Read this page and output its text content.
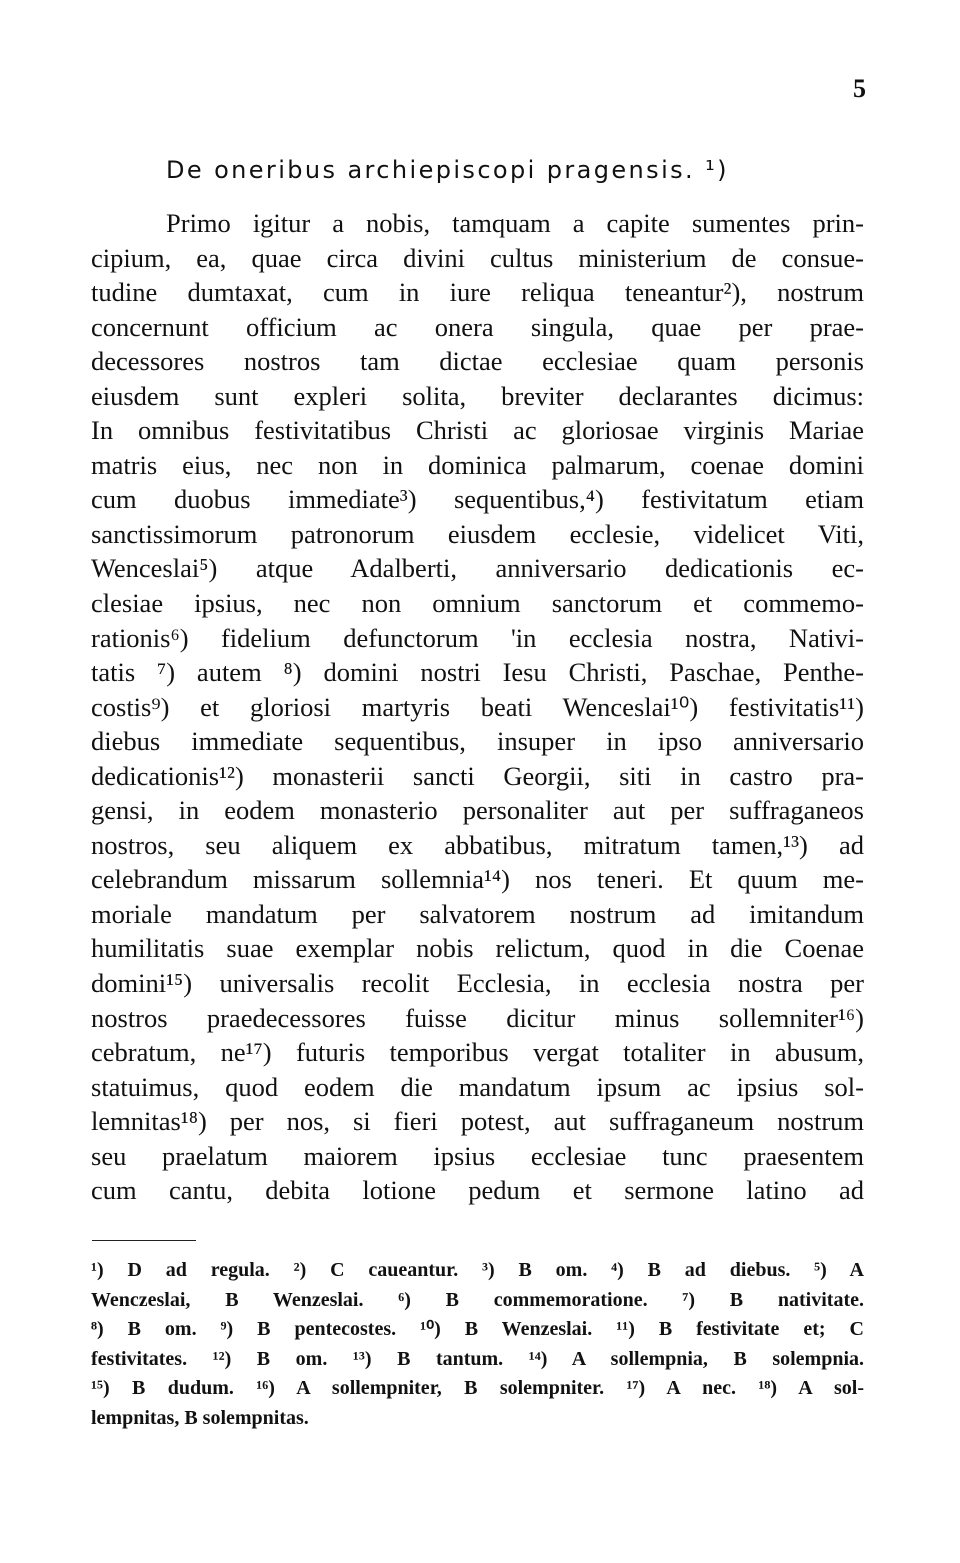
5
De oneribus archiepiscopi pragensis. ¹)
Primo igitur a nobis, tamquam a capite sumentes prin-
cipium, ea, quae circa divini cultus ministerium de consue-
tudine dumtaxat, cum in iure reliqua teneantur²), nostrum
concernunt officium ac onera singula, quae per prae-
decessores nostros tam dictae ecclesiae quam personis
eiusdem sunt expleri solita, breviter declarantes dicimus:
In omnibus festivitatibus Christi ac gloriosae virginis Mariae
matris eius, nec non in dominica palmarum, coenae domini
cum duobus immediate³) sequentibus,⁴) festivitatum etiam
sanctissimorum patronorum eiusdem ecclesie, videlicet Viti,
Wenceslai⁵) atque Adalberti, anniversario dedicationis ec-
clesiae ipsius, nec non omnium sanctorum et commemo-
rationis⁶) fidelium defunctorum 'in ecclesia nostra, Nativi-
tatis ⁷) autem ⁸) domini nostri Iesu Christi, Paschae, Penthe-
costis⁹) et gloriosi martyris beati Wenceslai¹⁰) festivitatis¹¹)
diebus immediate sequentibus, insuper in ipso anniversario
dedicationis¹²) monasterii sancti Georgii, siti in castro pra-
gensi, in eodem monasterio personaliter aut per suffraganeos
nostros, seu aliquem ex abbatibus, mitratum tamen,¹³) ad
celebrandum missarum sollemnia¹⁴) nos teneri. Et quum me-
moriale mandatum per salvatorem nostrum ad imitandum
humilitatis suae exemplar nobis relictum, quod in die Coenae
domini¹⁵) universalis recolit Ecclesia, in ecclesia nostra per
nostros praedecessores fuisse dicitur minus sollemniter¹⁶)
cebratum, ne¹⁷) futuris temporibus vergat totaliter in abusum,
statuimus, quod eodem die mandatum ipsum ac ipsius sol-
lemnitas¹⁸) per nos, si fieri potest, aut suffraganeum nostrum
seu praelatum maiorem ipsius ecclesiae tunc praesentem
cum cantu, debita lotione pedum et sermone latino ad
¹) D ad regula. ²) C caueantur. ³) B om. ⁴) B ad diebus. ⁵) A
Wenczeslai, B Wenzeslai. ⁶) B commemoratione. ⁷) B nativitate.
⁸) B om. ⁹) B pentecostes. ¹⁰) B Wenzeslai. ¹¹) B festivitate et; C
festivitates. ¹²) B om. ¹³) B tantum. ¹⁴) A sollempnia, B solempnia.
¹⁵) B dudum. ¹⁶) A sollempniter, B solempniter. ¹⁷) A nec. ¹⁸) A sol-
lempnitas, B solempnitas.
